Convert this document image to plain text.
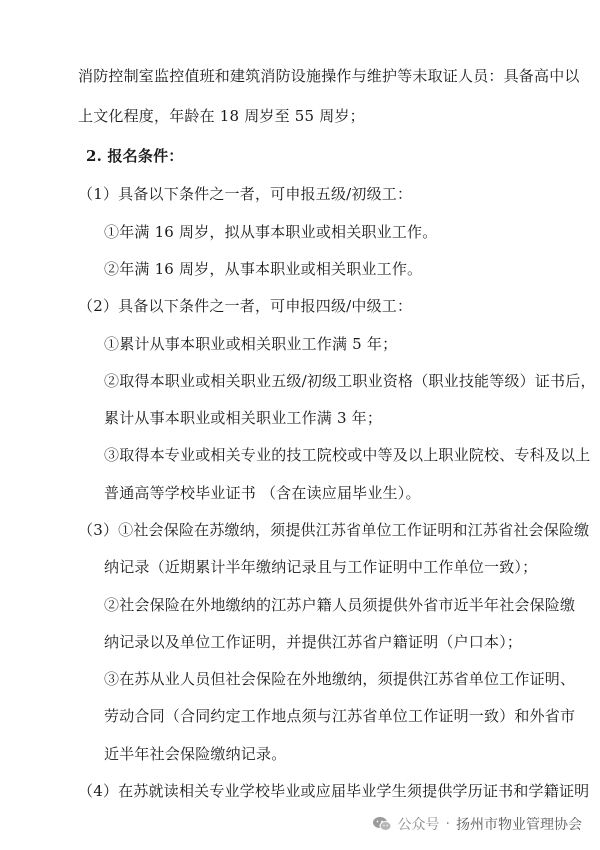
消防控制室监控值班和建筑消防设施操作与维护等未取证人员：具备高中以
上文化程度，年龄在 18 周岁至 55 周岁；
2. 报名条件：
（1）具备以下条件之一者，可申报五级/初级工：
①年满 16 周岁，拟从事本职业或相关职业工作。
②年满 16 周岁，从事本职业或相关职业工作。
（2）具备以下条件之一者，可申报四级/中级工：
①累计从事本职业或相关职业工作满 5 年；
②取得本职业或相关职业五级/初级工职业资格（职业技能等级）证书后，
累计从事本职业或相关职业工作满 3 年；
③取得本专业或相关专业的技工院校或中等及以上职业院校、专科及以上
普通高等学校毕业证书 （含在读应届毕业生）。
（3）①社会保险在苏缴纳，须提供江苏省单位工作证明和江苏省社会保险缴
纳记录（近期累计半年缴纳记录且与工作证明中工作单位一致）；
②社会保险在外地缴纳的江苏户籍人员须提供外省市近半年社会保险缴
纳记录以及单位工作证明，并提供江苏省户籍证明（户口本）；
③在苏从业人员但社会保险在外地缴纳，须提供江苏省单位工作证明、
劳动合同（合同约定工作地点须与江苏省单位工作证明一致）和外省市
近半年社会保险缴纳记录。
（4）在苏就读相关专业学校毕业或应届毕业学生须提供学历证书和学籍证明
公众号 · 扬州市物业管理协会
